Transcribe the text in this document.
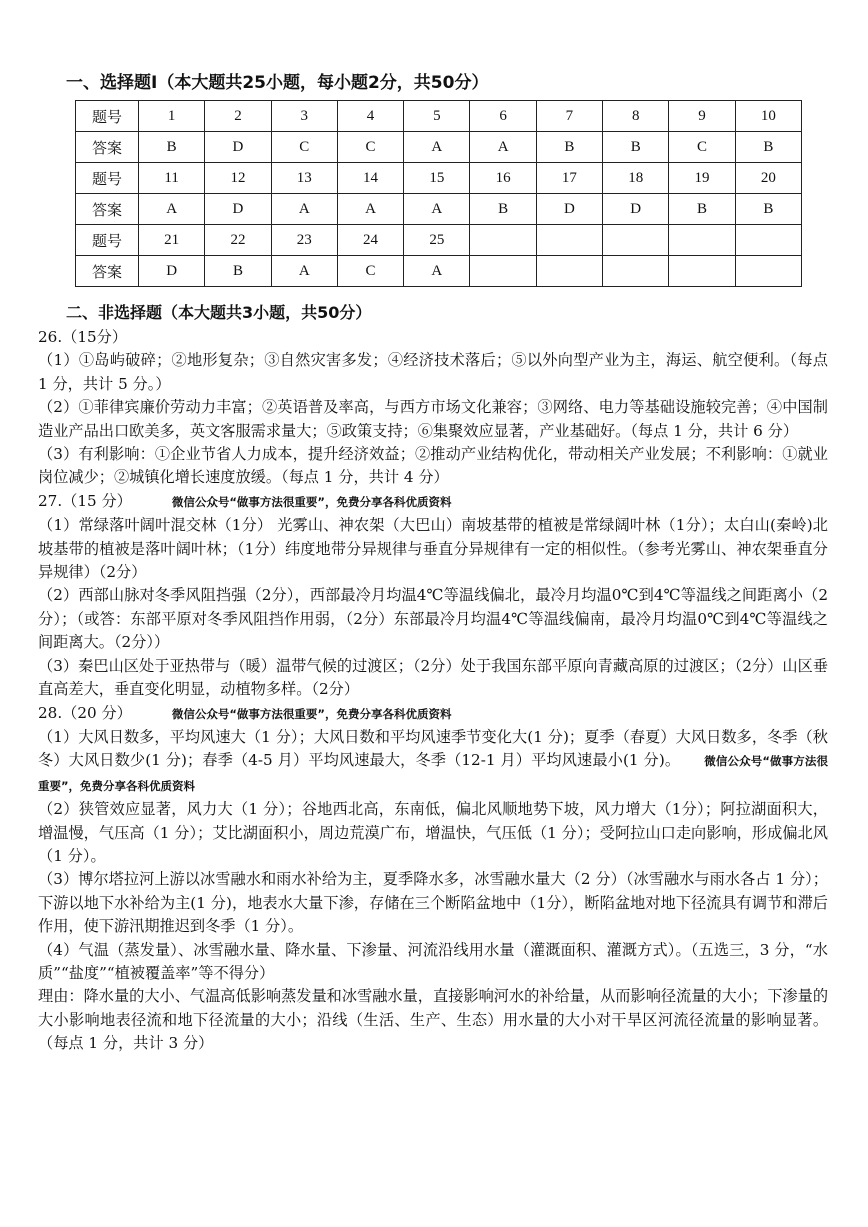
一、选择题Ⅰ（本大题共25小题，每小题2分，共50分）
题号	1	2	3	4	5	6	7	8	9	10
答案	B	D	C	C	A	A	B	B	C	B
题号	11	12	13	14	15	16	17	18	19	20
答案	A	D	A	A	A	B	D	D	B	B
题号	21	22	23	24	25					
答案	D	B	A	C	A					
二、非选择题（本大题共3小题，共50分）

26.（15分）

（1）①岛屿破碎；②地形复杂；③自然灾害多发；④经济技术落后；⑤以外向型产业为主，海运、航空便利。（每点 1 分，共计 5 分。）

（2）①菲律宾廉价劳动力丰富；②英语普及率高，与西方市场文化兼容；③网络、电力等基础设施较完善；④中国制造业产品出口欧美多，英文客服需求量大；⑤政策支持；⑥集聚效应显著，产业基础好。（每点 1 分，共计 6 分）

（3）有利影响：①企业节省人力成本，提升经济效益；②推动产业结构优化，带动相关产业发展；不利影响：①就业岗位减少；②城镇化增长速度放缓。（每点 1 分，共计 4 分）

27.（15 分）	微信公众号“做事方法很重要”，免费分享各科优质资料

（1）常绿落叶阔叶混交林（1分） 光雾山、神农架（大巴山）南坡基带的植被是常绿阔叶林（1分）；太白山(秦岭)北坡基带的植被是落叶阔叶林；（1分）纬度地带分异规律与垂直分异规律有一定的相似性。（参考光雾山、神农架垂直分异规律）（2分）

（2）西部山脉对冬季风阻挡强（2分），西部最冷月均温4℃等温线偏北，最冷月均温0℃到4℃等温线之间距离小（2分）；（或答：东部平原对冬季风阻挡作用弱，（2分）东部最冷月均温4℃等温线偏南，最冷月均温0℃到4℃等温线之间距离大。（2分））

（3）秦巴山区处于亚热带与（暖）温带气候的过渡区；（2分）处于我国东部平原向青藏高原的过渡区；（2分）山区垂直高差大，垂直变化明显，动植物多样。（2分）

28.（20 分）	微信公众号“做事方法很重要”，免费分享各科优质资料

（1）大风日数多，平均风速大（1 分）；大风日数和平均风速季节变化大(1 分)；夏季（春夏）大风日数多，冬季（秋冬）大风日数少(1 分)；春季（4-5 月）平均风速最大，冬季（12-1 月）平均风速最小(1 分)。 微信公众号“做事方法很重要”，免费分享各科优质资料

（2）狭管效应显著，风力大（1 分）；谷地西北高，东南低，偏北风顺地势下坡，风力增大（1分）；阿拉湖面积大，增温慢，气压高（1 分）；艾比湖面积小，周边荒漠广布，增温快，气压低（1 分）；受阿拉山口走向影响，形成偏北风（1 分）。

（3）博尔塔拉河上游以冰雪融水和雨水补给为主，夏季降水多，冰雪融水量大（2 分）（冰雪融水与雨水各占 1 分）；下游以地下水补给为主(1 分)，地表水大量下渗，存储在三个断陷盆地中（1分），断陷盆地对地下径流具有调节和滞后作用，使下游汛期推迟到冬季（1 分）。

（4）气温（蒸发量）、冰雪融水量、降水量、下渗量、河流沿线用水量（灌溉面积、灌溉方式）。（五选三，3 分，“水质”“盐度”“植被覆盖率”等不得分）

理由：降水量的大小、气温高低影响蒸发量和冰雪融水量，直接影响河水的补给量，从而影响径流量的大小；下渗量的大小影响地表径流和地下径流量的大小；沿线（生活、生产、生态）用水量的大小对干旱区河流径流量的影响显著。（每点 1 分，共计 3 分）
